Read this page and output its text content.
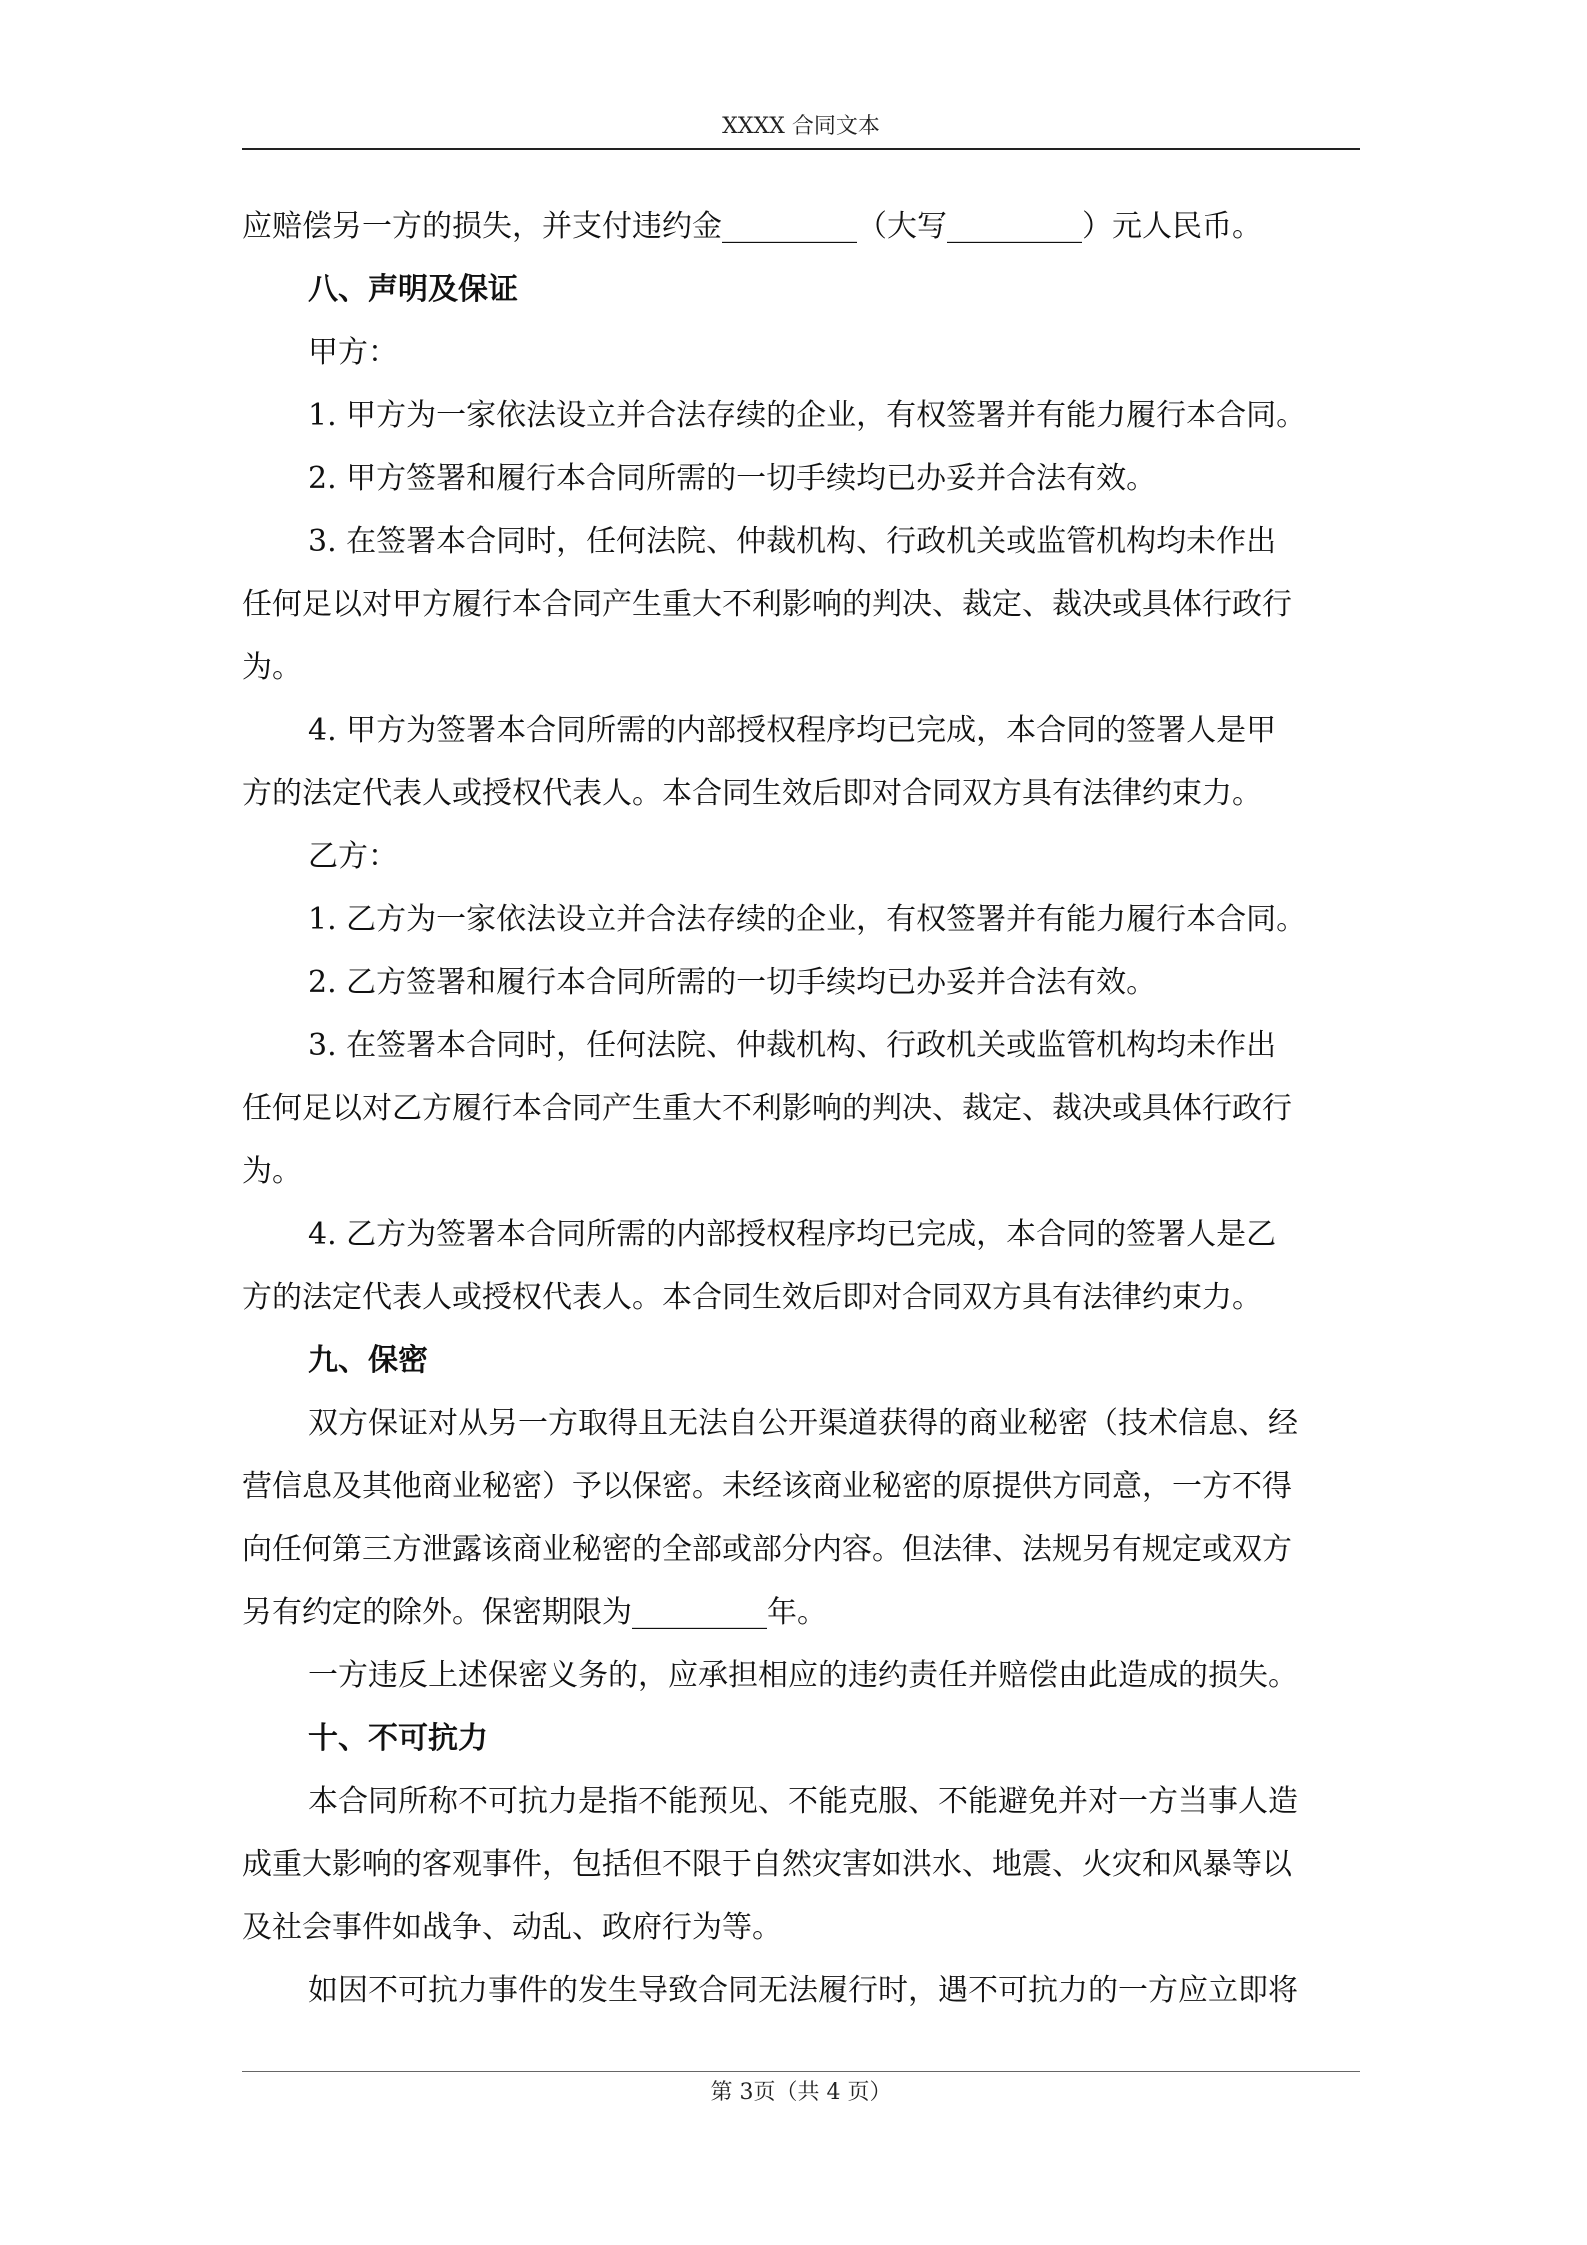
XXXX 合同文本
应赔偿另一方的损失，并支付违约金_________（大写_________）元人民币。
八、声明及保证
甲方：
1. 甲方为一家依法设立并合法存续的企业，有权签署并有能力履行本合同。
2. 甲方签署和履行本合同所需的一切手续均已办妥并合法有效。
3. 在签署本合同时，任何法院、仲裁机构、行政机关或监管机构均未作出
任何足以对甲方履行本合同产生重大不利影响的判决、裁定、裁决或具体行政行
为。
4. 甲方为签署本合同所需的内部授权程序均已完成，本合同的签署人是甲
方的法定代表人或授权代表人。本合同生效后即对合同双方具有法律约束力。
乙方：
1. 乙方为一家依法设立并合法存续的企业，有权签署并有能力履行本合同。
2. 乙方签署和履行本合同所需的一切手续均已办妥并合法有效。
3. 在签署本合同时，任何法院、仲裁机构、行政机关或监管机构均未作出
任何足以对乙方履行本合同产生重大不利影响的判决、裁定、裁决或具体行政行
为。
4. 乙方为签署本合同所需的内部授权程序均已完成，本合同的签署人是乙
方的法定代表人或授权代表人。本合同生效后即对合同双方具有法律约束力。
九、保密
双方保证对从另一方取得且无法自公开渠道获得的商业秘密（技术信息、经
营信息及其他商业秘密）予以保密。未经该商业秘密的原提供方同意，一方不得
向任何第三方泄露该商业秘密的全部或部分内容。但法律、法规另有规定或双方
另有约定的除外。保密期限为_________年。
一方违反上述保密义务的，应承担相应的违约责任并赔偿由此造成的损失。
十、不可抗力
本合同所称不可抗力是指不能预见、不能克服、不能避免并对一方当事人造
成重大影响的客观事件，包括但不限于自然灾害如洪水、地震、火灾和风暴等以
及社会事件如战争、动乱、政府行为等。
如因不可抗力事件的发生导致合同无法履行时，遇不可抗力的一方应立即将
第 3页（共 4 页）
